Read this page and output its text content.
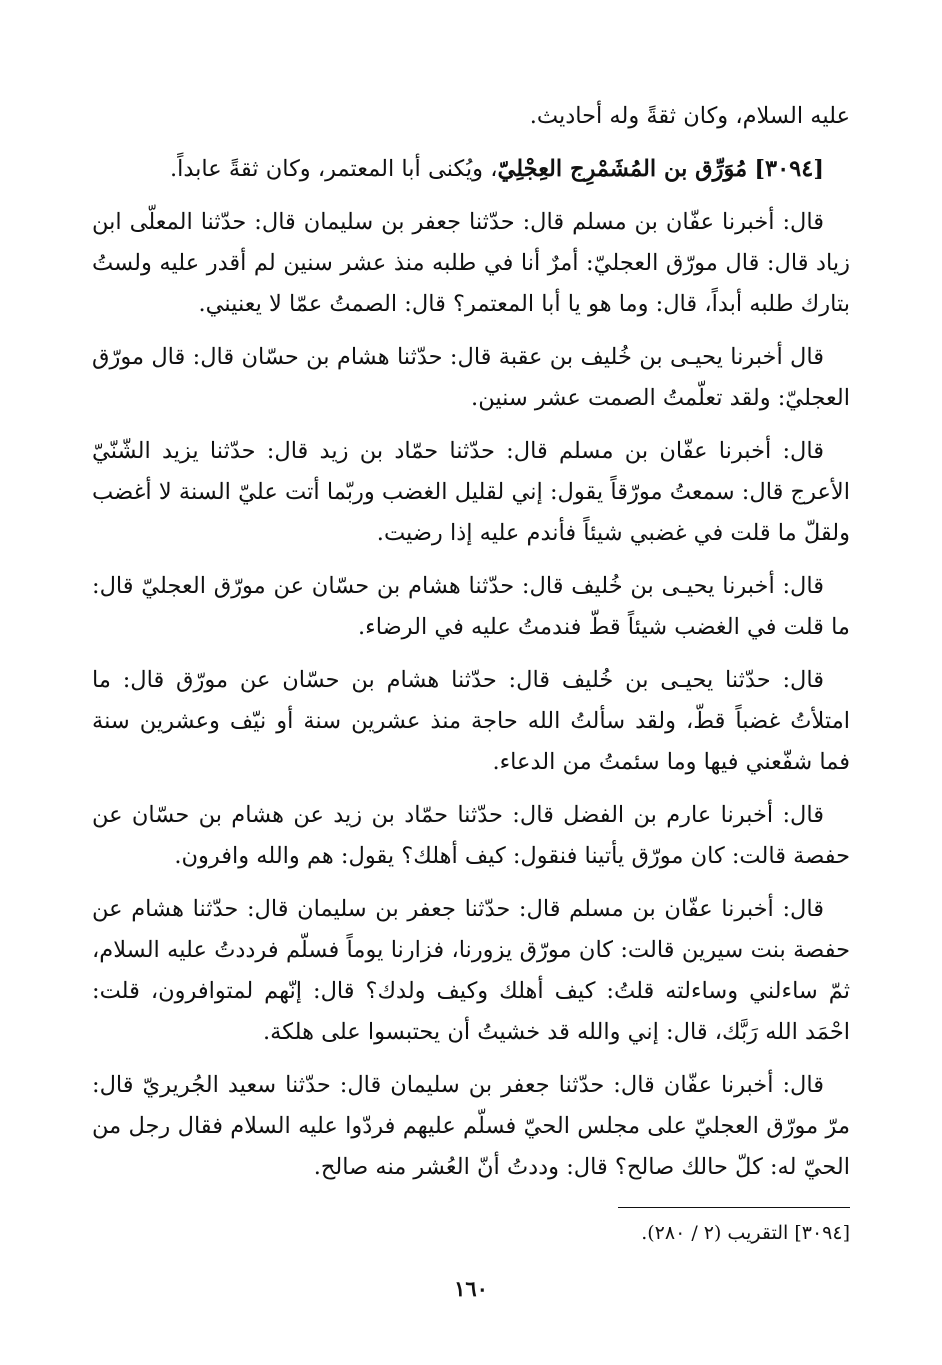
عليه السلام، وكان ثقةً وله أحاديث.

[٣٠٩٤] مُوَرِّق بن المُشَمْرِج العِجْلِيّ، ويُكنى أبا المعتمر، وكان ثقةً عابداً.

قال: أخبرنا عفّان بن مسلم قال: حدّثنا جعفر بن سليمان قال: حدّثنا المعلّى ابن زياد قال: قال مورّق العجليّ: أمرٌ أنا في طلبه منذ عشر سنين لم أقدر عليه ولستُ بتارك طلبه أبداً، قال: وما هو يا أبا المعتمر؟ قال: الصمتُ عمّا لا يعنيني.

قال أخبرنا يحيـى بن خُليف بن عقبة قال: حدّثنا هشام بن حسّان قال: قال مورّق العجليّ: ولقد تعلّمتُ الصمت عشر سنين.

قال: أخبرنا عفّان بن مسلم قال: حدّثنا حمّاد بن زيد قال: حدّثنا يزيد الشّنّيّ الأعرج قال: سمعتُ مورّقاً يقول: إني لقليل الغضب وربّما أتت عليّ السنة لا أغضب ولقلّ ما قلت في غضبي شيئاً فأندم عليه إذا رضيت.

قال: أخبرنا يحيـى بن خُليف قال: حدّثنا هشام بن حسّان عن مورّق العجليّ قال: ما قلت في الغضب شيئاً قطّ فندمتُ عليه في الرضاء.

قال: حدّثنا يحيـى بن خُليف قال: حدّثنا هشام بن حسّان عن مورّق قال: ما امتلأتُ غضباً قطّ، ولقد سألتُ الله حاجة منذ عشرين سنة أو نيّف وعشرين سنة فما شفّعني فيها وما سئمتُ من الدعاء.

قال: أخبرنا عارم بن الفضل قال: حدّثنا حمّاد بن زيد عن هشام بن حسّان عن حفصة قالت: كان مورّق يأتينا فنقول: كيف أهلك؟ يقول: هم والله وافرون.

قال: أخبرنا عفّان بن مسلم قال: حدّثنا جعفر بن سليمان قال: حدّثنا هشام عن حفصة بنت سيرين قالت: كان مورّق يزورنا، فزارنا يوماً فسلّم فرددتُ عليه السلام، ثمّ ساءلني وساءلته قلتُ: كيف أهلك وكيف ولدك؟ قال: إنّهم لمتوافرون، قلت: احْمَد الله رَبَّك، قال: إني والله قد خشيتُ أن يحتبسوا على هلكة.

قال: أخبرنا عفّان قال: حدّثنا جعفر بن سليمان قال: حدّثنا سعيد الجُريريّ قال: مرّ مورّق العجليّ على مجلس الحيّ فسلّم عليهم فردّوا عليه السلام فقال رجل من الحيّ له: كلّ حالك صالح؟ قال: وددتُ أنّ العُشر منه صالح.

[٣٠٩٤] التقريب (٢ / ٢٨٠).
١٦٠
